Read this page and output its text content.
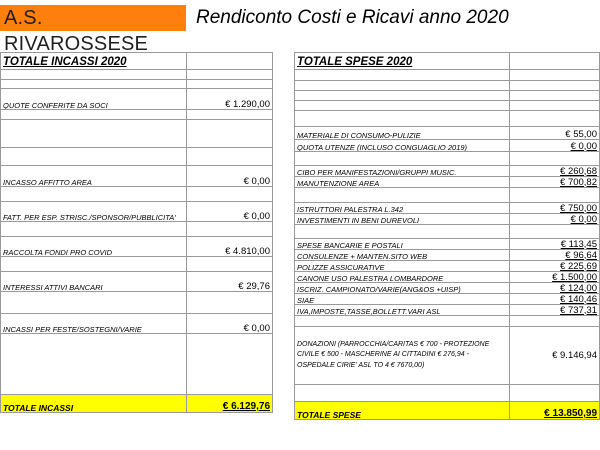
A.S. RIVAROSSESE
Rendiconto Costi e Ricavi anno 2020
TOTALE INCASSI 2020	

QUOTE CONFERITE DA SOCI	€ 1.290,00

INCASSO AFFITTO AREA	€ 0,00

FATT. PER ESP. STRISC./SPONSOR/PUBBLICITA'	€ 0,00

RACCOLTA FONDI PRO COVID	€ 4.810,00

INTERESSI ATTIVI BANCARI	€ 29,76

INCASSI PER FESTE/SOSTEGNI/VARIE	€ 0,00

TOTALE INCASSI	€ 6.129,76
TOTALE SPESE 2020	

MATERIALE DI CONSUMO-PULIZIE	€ 55,00
QUOTA UTENZE (INCLUSO CONGUAGLIO 2019)	€ 0,00

CIBO PER MANIFESTAZIONI/GRUPPI MUSIC.	€ 260,68
MANUTENZIONE AREA	€ 700,82

ISTRUTTORI PALESTRA L.342	€ 750,00
INVESTIMENTI IN BENI DUREVOLI	€ 0,00

SPESE BANCARIE E POSTALI	€ 113,45
CONSULENZE + MANTEN.SITO WEB	€ 96,64
POLIZZE ASSICURATIVE	€ 225,69
CANONE USO PALESTRA LOMBARDORE	€ 1.500,00
ISCRIZ. CAMPIONATO/VARIE(ANG&OS +UISP)	€ 124,00
SIAE	€ 140,46
IVA,IMPOSTE,TASSE,BOLLETT.VARI ASL	€ 737,31

DONAZIONI (PARROCCHIA/CARITAS € 700 - PROTEZIONE CIVILE € 500 - MASCHERINE AI CITTADINI € 276,94 - OSPEDALE CIRIE' ASL TO 4 € 7670,00)	€ 9.146,94

TOTALE SPESE	€ 13.850,99
